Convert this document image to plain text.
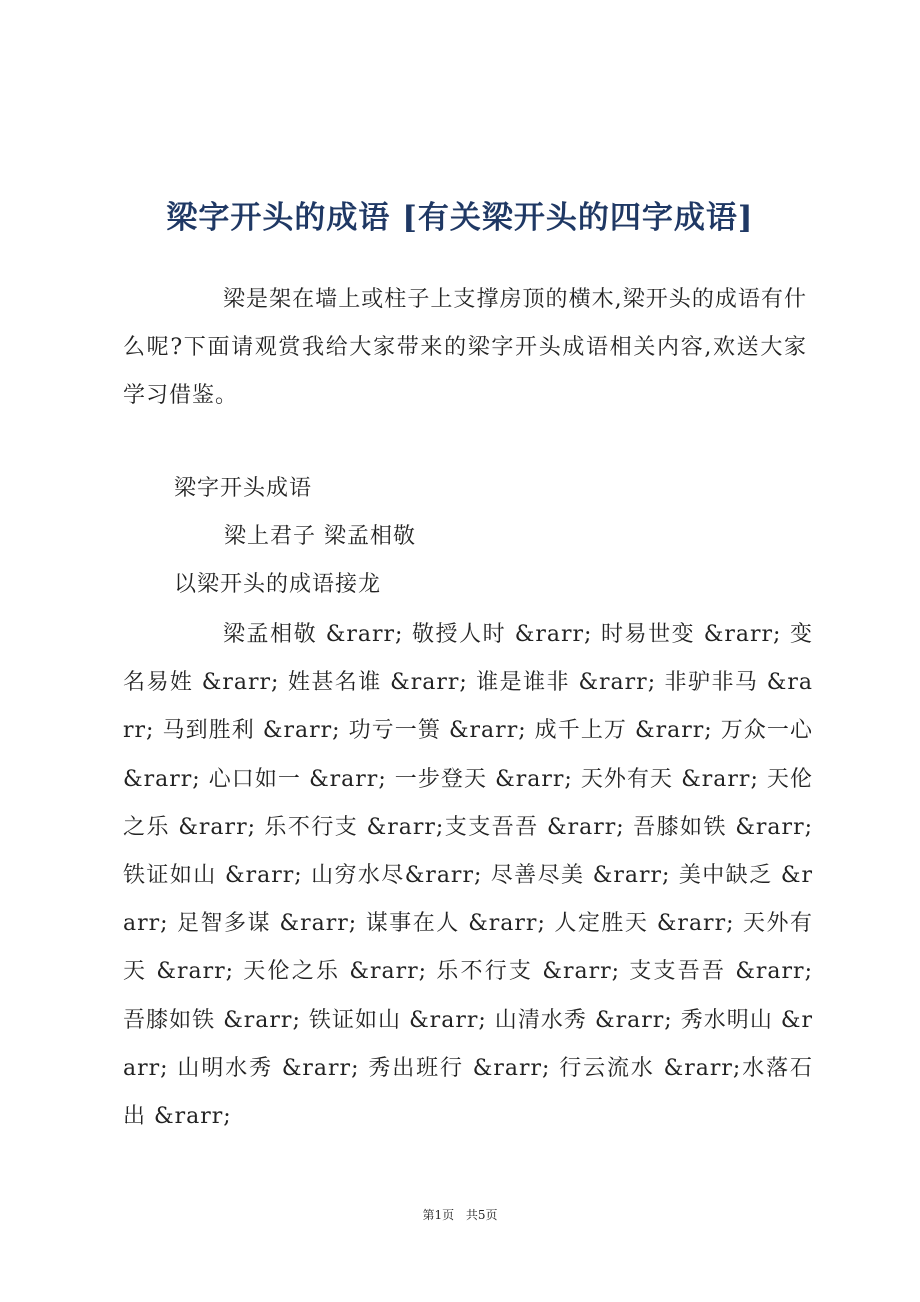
梁字开头的成语 [有关梁开头的四字成语]
梁是架在墙上或柱子上支撑房顶的横木,梁开头的成语有什么呢?下面请观赏我给大家带来的梁字开头成语相关内容,欢送大家学习借鉴。
梁字开头成语
梁上君子 梁孟相敬
以梁开头的成语接龙
梁孟相敬 &rarr; 敬授人时 &rarr; 时易世变 &rarr; 变名易姓 &rarr; 姓甚名谁 &rarr; 谁是谁非 &rarr; 非驴非马 &rarr; 马到胜利 &rarr; 功亏一篑 &rarr; 成千上万 &rarr; 万众一心 &rarr; 心口如一 &rarr; 一步登天 &rarr; 天外有天 &rarr; 天伦之乐 &rarr; 乐不行支 &rarr;支支吾吾 &rarr; 吾膝如铁 &rarr; 铁证如山 &rarr; 山穷水尽&rarr; 尽善尽美 &rarr; 美中缺乏 &rarr; 足智多谋 &rarr; 谋事在人 &rarr; 人定胜天 &rarr; 天外有天 &rarr; 天伦之乐 &rarr; 乐不行支 &rarr; 支支吾吾 &rarr; 吾膝如铁 &rarr; 铁证如山 &rarr; 山清水秀 &rarr; 秀水明山 &rarr; 山明水秀 &rarr; 秀出班行 &rarr; 行云流水 &rarr;水落石出 &rarr;
第1页 共5页
